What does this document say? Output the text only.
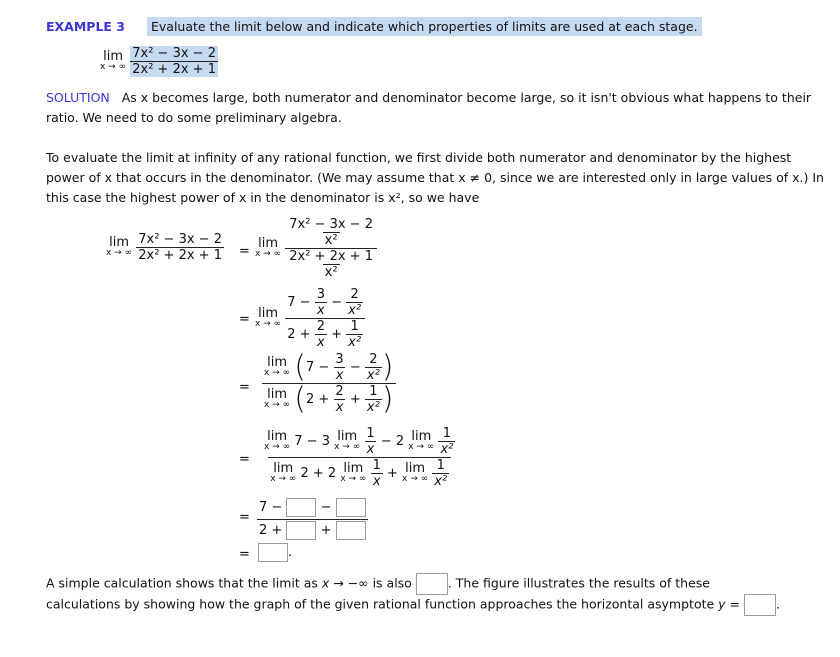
EXAMPLE 3 Evaluate the limit below and indicate which properties of limits are used at each stage.
lim
x → ∞
$\frac{\text{7x² − 3x − 2}}{\text{2x² + 2x + 1}}$
SOLUTION As x becomes large, both numerator and denominator become large, so it isn't obvious what happens to their ratio. We need to do some preliminary algebra.
To evaluate the limit at infinity of any rational function, we first divide both numerator and denominator by the highest power of x that occurs in the denominator. (We may assume that x ≠ 0, since we are interested only in large values of x.) In this case the highest power of x in the denominator is x², so we have
lim
x → ∞
$\frac{\text{7x² − 3x − 2}}{\text{2x² + 2x + 1}}$ =
lim
x → ∞
$\frac{\frac{\text{7x² − 3x − 2}}{\text{x²}}}{\frac{\text{2x² + 2x + 1}}{\text{x²}}}$
= lim
x → ∞
$\frac{7 - \frac{3}{x} - \frac{2}{\text{x²}}}{2 + \frac{2}{x} + \frac{1}{\text{x²}}}$
= lim
x → ∞ ($7 - \frac{3}{x} - \frac{2}{\text{x²}}$ )
lim
x → ∞ ($2 + \frac{2}{x} + \frac{1}{\text{x²}}$ )
= lim
x → ∞ 7 − 3 lim
x → ∞
$\frac{1}{x} - 2$ lim
x → ∞
$\frac{1}{\text{x²}}$
lim
x → ∞ 2 + 2 lim
x → ∞
$\frac{1}{x} + \lim$
x → ∞
$\frac{1}{\text{x²}}$
= 7 −	−
2 +	+
=	.
A simple calculation shows that the limit as x → −∞ is also	. The figure illustrates the results of these
calculations by showing how the graph of the given rational function approaches the horizontal asymptote y =	.
